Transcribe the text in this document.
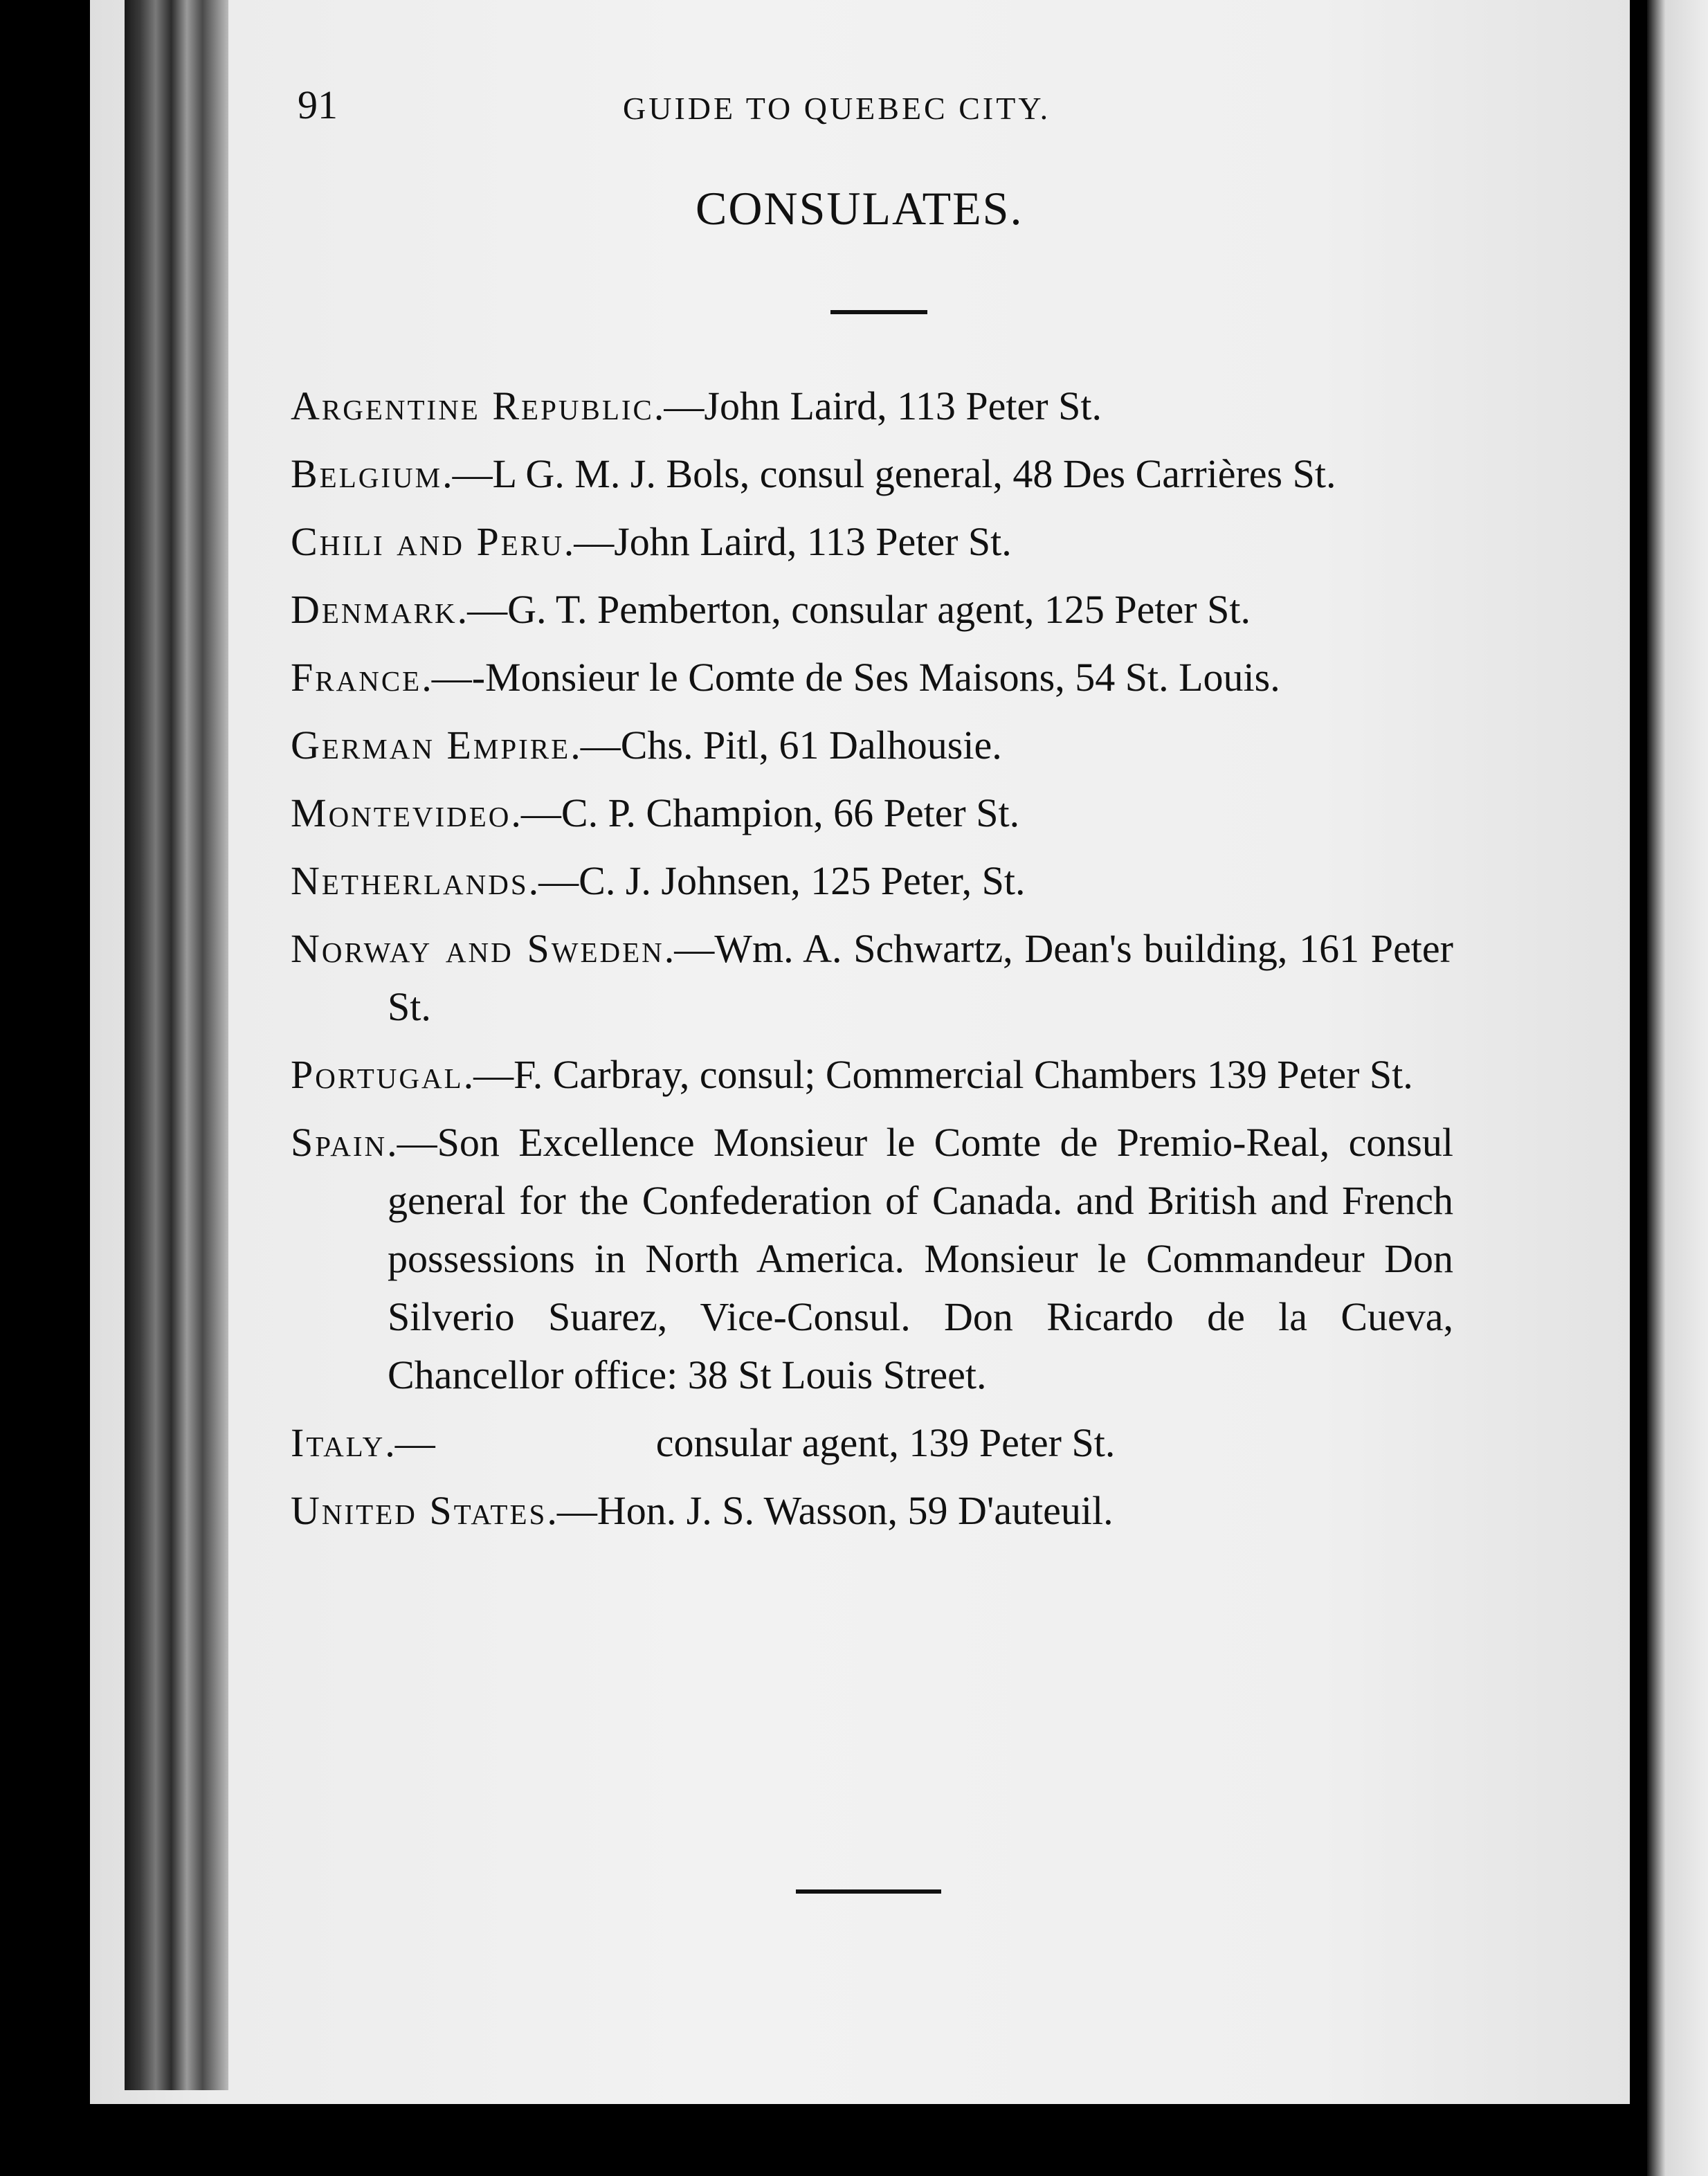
91	GUIDE TO QUEBEC CITY.
CONSULATES.

Argentine Republic.—John Laird, 113 Peter St.

Belgium.—L G. M. J. Bols, consul general, 48 Des Carrières St.

Chili and Peru.—John Laird, 113 Peter St.

Denmark.—G. T. Pemberton, consular agent, 125 Peter St.

France.—-Monsieur le Comte de Ses Maisons, 54 St. Louis.

German Empire.—Chs. Pitl, 61 Dalhousie.

Montevideo.—C. P. Champion, 66 Peter St.

Netherlands.—C. J. Johnsen, 125 Peter, St.

Norway and Sweden.—Wm. A. Schwartz, Dean's building, 161 Peter St.

Portugal.—F. Carbray, consul; Commercial Chambers 139 Peter St.

Spain.—Son Excellence Monsieur le Comte de Premio-Real, consul general for the Confederation of Canada. and British and French possessions in North America. Monsieur le Commandeur Don Silverio Suarez, Vice-Consul. Don Ricardo de la Cueva, Chancellor office: 38 St Louis Street.

Italy.—                      consular agent, 139 Peter St.

United States.—Hon. J. S. Wasson, 59 D'auteuil.
